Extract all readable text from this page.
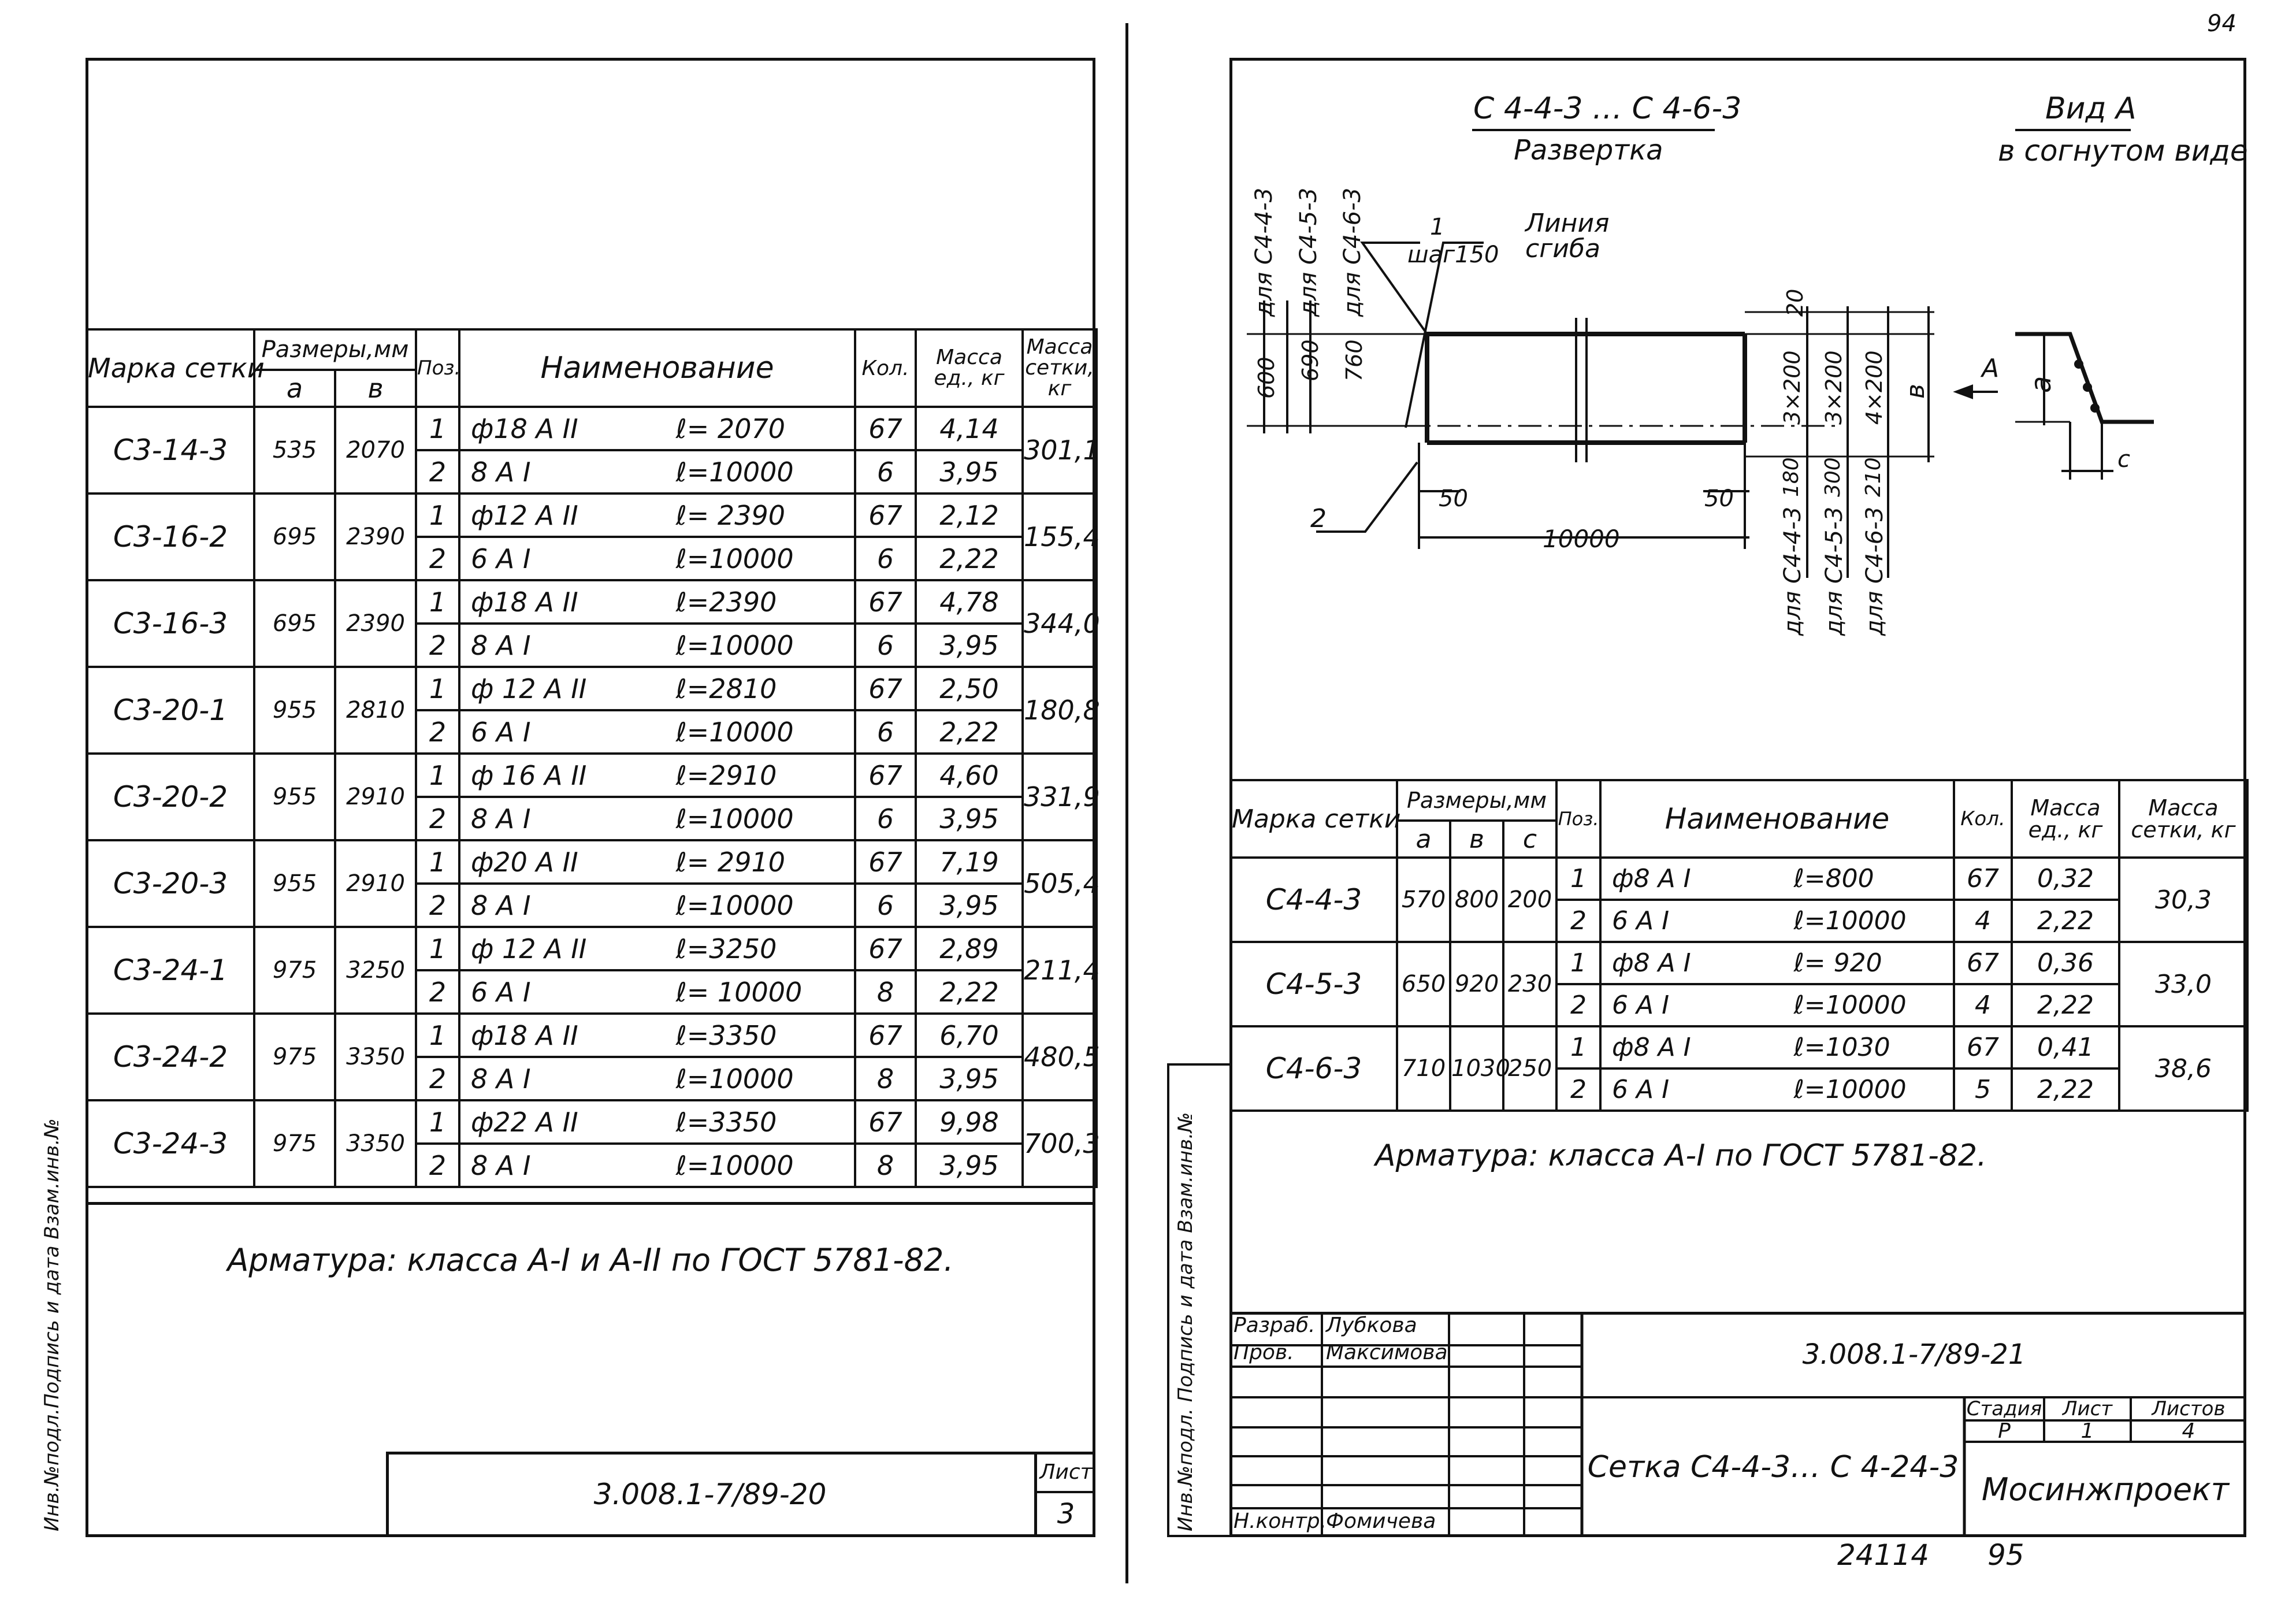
94
Инв.№подл.Подпись и дата Взам.инв.№
Марка сетки	Размеры,мм		Поз.	Наименование	Кол.	Масса ед., кг	Масса сетки, кг
	a	в					
С3-14-3	535	2070	1	ф18 А II ℓ= 2070	67	4,14	301,1
			2	8 А I ℓ=10000	6	3,95	
С3-16-2	695	2390	1	ф12 А II ℓ= 2390	67	2,12	155,4
			2	6 А I ℓ=10000	6	2,22	
С3-16-3	695	2390	1	ф18 А II ℓ=2390	67	4,78	344,0
			2	8 А I ℓ=10000	6	3,95	
С3-20-1	955	2810	1	ф 12 А II ℓ=2810	67	2,50	180,8
			2	6 А I ℓ=10000	6	2,22	
С3-20-2	955	2910	1	ф 16 А II ℓ=2910	67	4,60	331,9
			2	8 А I ℓ=10000	6	3,95	
С3-20-3	955	2910	1	ф20 А II ℓ= 2910	67	7,19	505,4
			2	8 А I ℓ=10000	6	3,95	
С3-24-1	975	3250	1	ф 12 А II ℓ=3250	67	2,89	211,4
			2	6 А I ℓ= 10000	8	2,22	
С3-24-2	975	3350	1	ф18 А II ℓ=3350	67	6,70	480,5
			2	8 А I ℓ=10000	8	3,95	
С3-24-3	975	3350	1	ф22 А II ℓ=3350	67	9,98	700,3
			2	8 А I ℓ=10000	8	3,95	
Арматура: класса А-I и А-II по ГОСТ 5781-82.
3.008.1-7/89-20
Лист
3	Инв.№подл. Подпись и дата Взам.инв.№
С 4-4-3 … С 4-6-3
Развертка
Вид А
в согнутом виде
для С4-4-3 для С4-5-3 для С4-6-3
600 690 760
1
шаг150
Линия сгиба
2
20
3×200 3×200 4×200
180 300 210
для С4-4-3 для С4-5-3 для С4-6-3
в
А
а
с
50	50
10000
Марка сетки	Размеры,мм			Поз.	Наименование	Кол.	Масса ед., кг	Масса сетки, кг
	а	в	с					
С4-4-3	570	800	200	1	ф8 А I ℓ=800	67	0,32	30,3
				2	6 А I ℓ=10000	4	2,22	
С4-5-3	650	920	230	1	ф8 А I ℓ= 920	67	0,36	33,0
				2	6 А I ℓ=10000	4	2,22	
С4-6-3	710	1030	250	1	ф8 А I ℓ=1030	67	0,41	38,6
				2	6 А I ℓ=10000	5	2,22	
Арматура: класса А-I по ГОСТ 5781-82.
Разраб. Лубкова
Пров. Максимова
Н.контр.
Фомичева
3.008.1-7/89-21
Сетка С4-4-3… С 4-24-3
Стадия	Лист	Листов
Р	1	4
Мосинжпроект
24114 95
